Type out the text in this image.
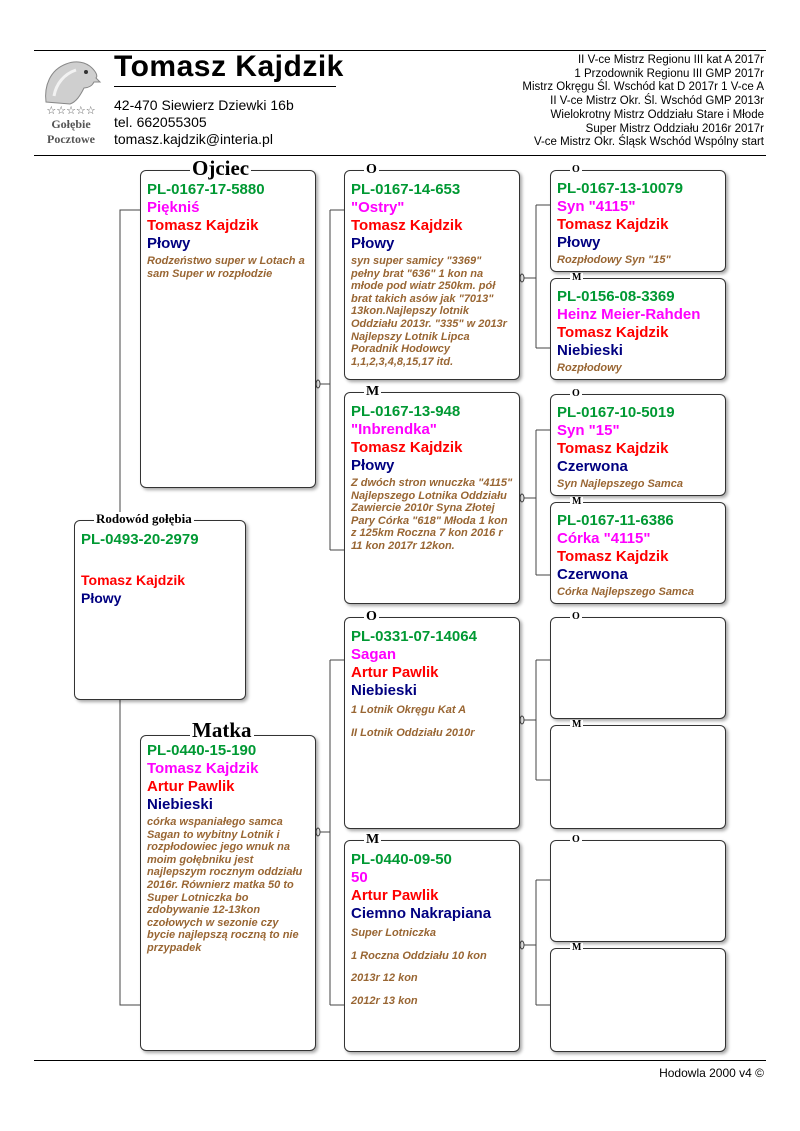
☆☆☆☆☆
Gołębie
Pocztowe
Tomasz Kajdzik
42-470 Siewierz Dziewki 16b
tel. 662055305
tomasz.kajdzik@interia.pl
II V-ce Mistrz Regionu III kat A 2017r
1 Przodownik Regionu III GMP 2017r
Mistrz Okręgu Śl. Wschód kat D 2017r 1 V-ce A
II V-ce Mistrz Okr. Śl. Wschód GMP 2013r
Wielokrotny Mistrz Oddziału Stare i Młode
Super Mistrz Oddziału 2016r 2017r
V-ce Mistrz Okr. Śląsk Wschód Wspólny start
PL-0493-20-2979
Tomasz Kajdzik
Płowy
Rodowód gołębia
PL-0167-17-5880
Piękniś
Tomasz Kajdzik
Płowy
Rodzeństwo super w Lotach a sam Super w rozpłodzie
Ojciec
PL-0440-15-190
Tomasz Kajdzik
Artur Pawlik
Niebieski
córka wspaniałego samca Sagan to wybitny Lotnik i rozpłodowiec jego wnuk na moim gołębniku jest najlepszym rocznym oddziału 2016r. Równierz matka 50 to Super Lotniczka bo zdobywanie 12-13kon czołowych w sezonie czy bycie najlepszą roczną to nie przypadek
Matka
PL-0167-14-653
"Ostry"
Tomasz Kajdzik
Płowy
syn super samicy "3369" pełny brat "636" 1 kon na młode pod wiatr 250km. pół brat takich asów jak "7013" 13kon.Najlepszy lotnik Oddziału 2013r. "335" w 2013r Najlepszy Lotnik Lipca Poradnik Hodowcy 1,1,2,3,4,8,15,17 itd.
O
PL-0167-13-948
"Inbrendka"
Tomasz Kajdzik
Płowy
Z dwóch stron wnuczka "4115" Najlepszego Lotnika Oddziału Zawiercie 2010r Syna Złotej Pary Córka "618" Młoda 1 kon z 125km Roczna 7 kon 2016 r 11 kon 2017r 12kon.
M
PL-0331-07-14064
Sagan
Artur Pawlik
Niebieski

1 Lotnik Okręgu Kat A

II Lotnik Oddziału 2010r

O
PL-0440-09-50
50
Artur Pawlik
Ciemno Nakrapiana

Super Lotniczka

1 Roczna Oddziału 10 kon

2013r 12 kon

2012r 13 kon

M
PL-0167-13-10079
Syn "4115"
Tomasz Kajdzik
Płowy
Rozpłodowy Syn "15"
O
PL-0156-08-3369
Heinz Meier-Rahden
Tomasz Kajdzik
Niebieski
Rozpłodowy
M
PL-0167-10-5019
Syn "15"
Tomasz Kajdzik
Czerwona
Syn Najlepszego Samca
O
PL-0167-11-6386
Córka "4115"
Tomasz Kajdzik
Czerwona
Córka Najlepszego Samca
M
O
M
O
M
Hodowla 2000 v4 ©
